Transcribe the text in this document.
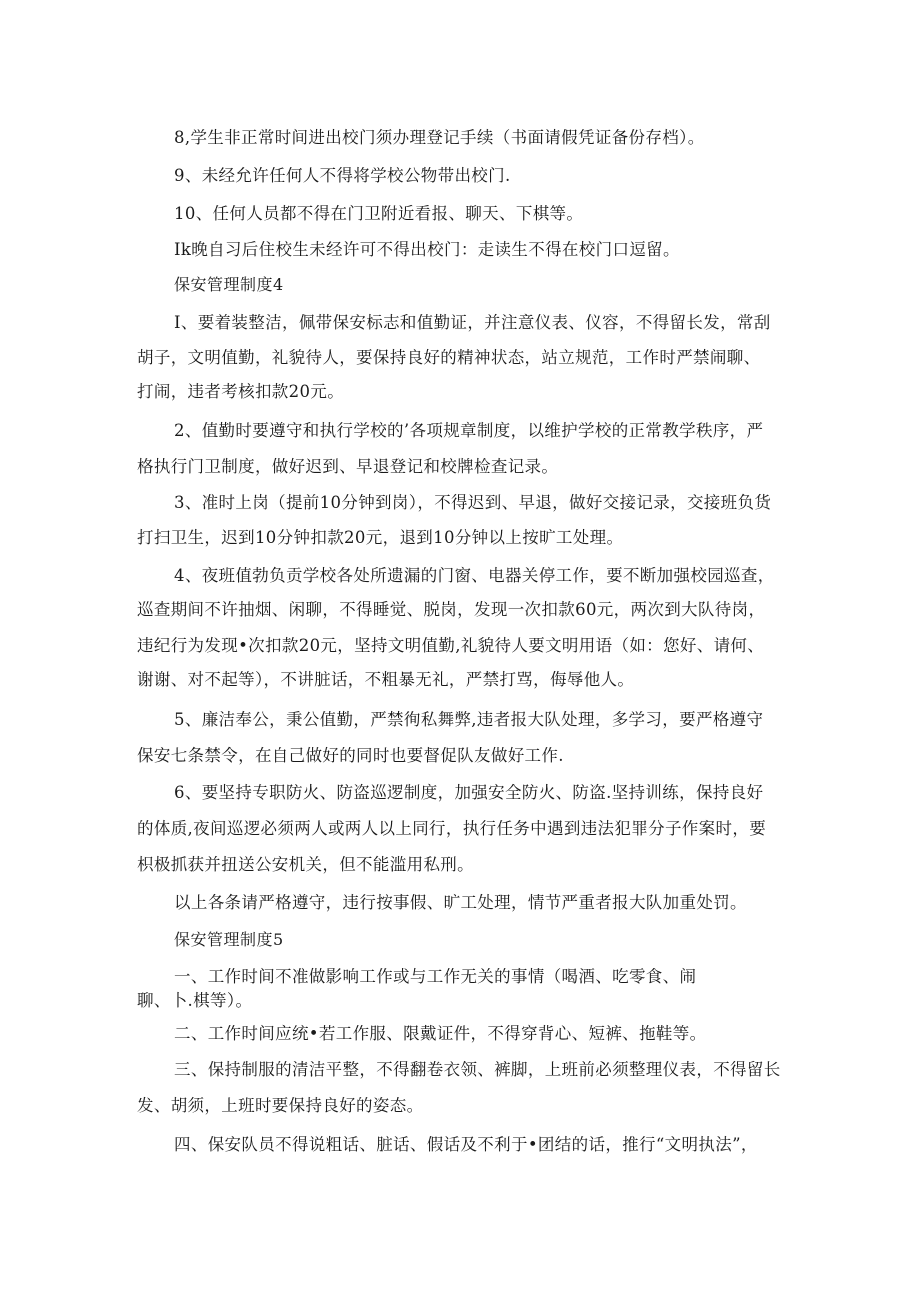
8,学生非正常时间进出校门须办理登记手续（书面请假凭证备份存档）。
9、未经允许任何人不得将学校公物带出校门.
10、任何人员都不得在门卫附近看报、聊天、下棋等。
Ik晚自习后住校生未经许可不得出校门：走读生不得在校门口逗留。
保安管理制度4
I、要着装整洁，佩带保安标志和值勤证，并注意仪表、仪容，不得留长发，常刮
胡子，文明值勤，礼貌待人，要保持良好的精神状态，站立规范，工作时严禁闹聊、
打闹，违者考核扣款20元。
2、值勤时要遵守和执行学校的’各项规章制度，以维护学校的正常教学秩序，严
格执行门卫制度，做好迟到、早退登记和校牌检查记录。
3、准时上岗（提前10分钟到岗），不得迟到、早退，做好交接记录，交接班负货
打扫卫生，迟到10分钟扣款20元，退到10分钟以上按旷工处理。
4、夜班值勃负贡学校各处所遗漏的门窗、电器关停工作，要不断加强校园巡查，
巡查期间不许抽烟、闲聊，不得睡觉、脱岗，发现一次扣款60元，两次到大队待岗，
违纪行为发现•次扣款20元，坚持文明值勤,礼貌待人要文明用语（如：您好、请何、
谢谢、对不起等），不讲脏话，不粗暴无礼，严禁打骂，侮辱他人。
5、廉洁奉公，秉公值勤，严禁徇私舞弊,违者报大队处理，多学习，要严格遵守
保安七条禁令，在自己做好的同时也要督促队友做好工作.
6、要坚持专职防火、防盗巡逻制度，加强安全防火、防盗.坚持训练，保持良好
的体质,夜间巡逻必须两人或两人以上同行，执行任务中遇到违法犯罪分子作案时，要
枳极抓获并扭送公安机关，但不能滥用私刑。
以上各条请严格遵守，违行按事假、旷工处理，情节严重者报大队加重处罚。
保安管理制度5
一、工作时间不准做影响工作或与工作无关的事情（喝酒、吃零食、闹
聊、卜.棋等）。
二、工作时间应统•若工作服、限戴证件，不得穿背心、短裤、拖鞋等。
三、保持制服的清洁平整，不得翻卷衣领、裤脚，上班前必须整理仪表，不得留长
发、胡须，上班时要保持良好的姿态。
四、保安队员不得说粗话、脏话、假话及不利于•团结的话，推行“文明执法”，
